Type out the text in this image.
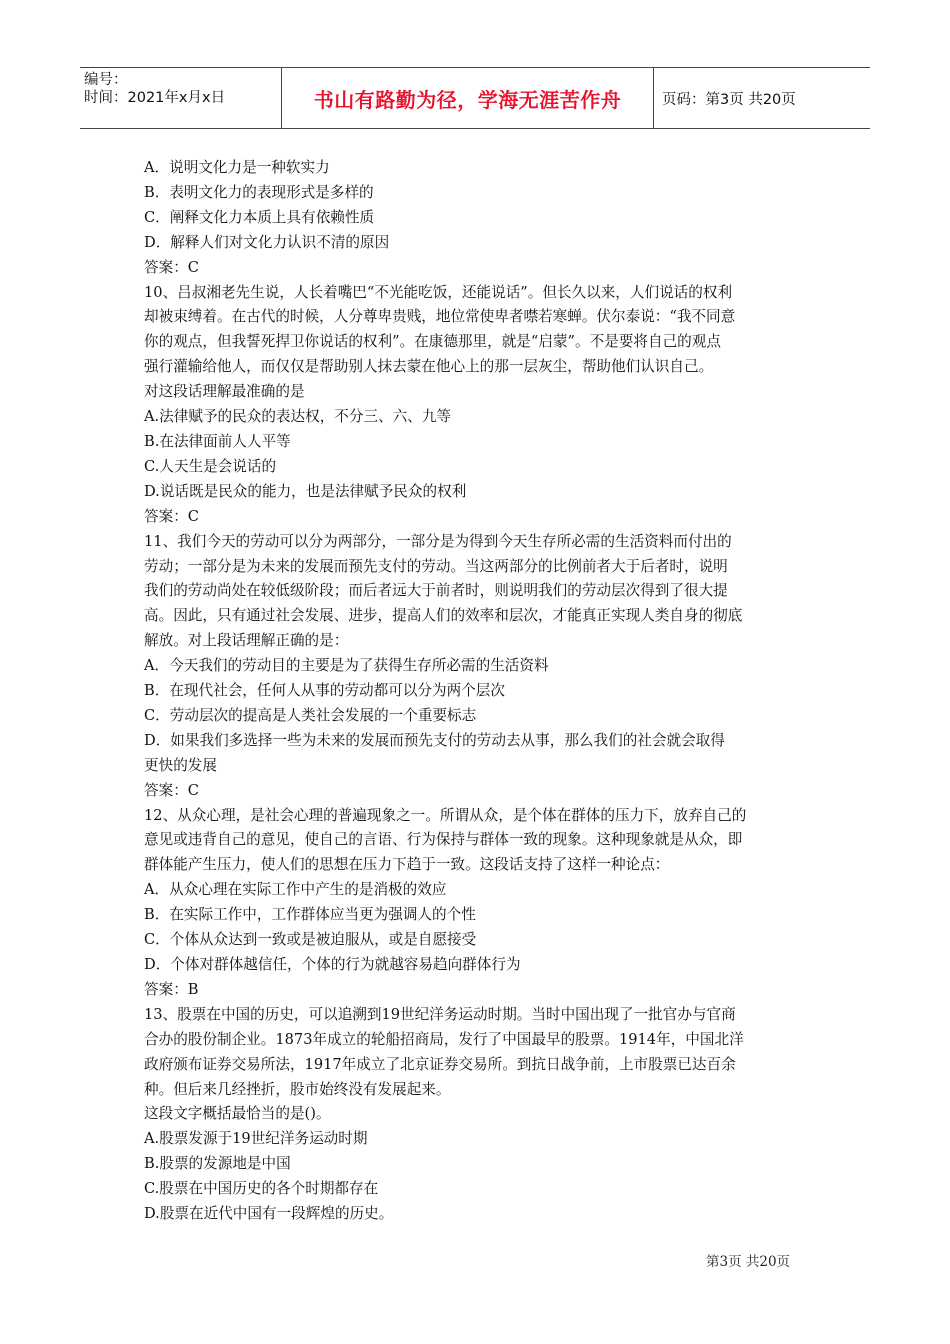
编号：
时间：2021年x月x日	书山有路勤为径，学海无涯苦作舟	页码：第3页 共20页

A．说明文化力是一种软实力

B．表明文化力的表现形式是多样的

C．阐释文化力本质上具有依赖性质

D．解释人们对文化力认识不清的原因

答案：C

10、吕叔湘老先生说，人长着嘴巴“不光能吃饭，还能说话”。但长久以来，人们说话的权利

却被束缚着。在古代的时候，人分尊卑贵贱，地位常使卑者噤若寒蝉。伏尔泰说：“我不同意

你的观点，但我誓死捍卫你说话的权利”。在康德那里，就是“启蒙”。不是要将自己的观点

强行灌输给他人，而仅仅是帮助别人抹去蒙在他心上的那一层灰尘，帮助他们认识自己。

对这段话理解最准确的是

A.法律赋予的民众的表达权，不分三、六、九等

B.在法律面前人人平等

C.人天生是会说话的

D.说话既是民众的能力，也是法律赋予民众的权利

答案：C

11、我们今天的劳动可以分为两部分，一部分是为得到今天生存所必需的生活资料而付出的

劳动；一部分是为未来的发展而预先支付的劳动。当这两部分的比例前者大于后者时，说明

我们的劳动尚处在较低级阶段；而后者远大于前者时，则说明我们的劳动层次得到了很大提

高。因此，只有通过社会发展、进步，提高人们的效率和层次，才能真正实现人类自身的彻底

解放。对上段话理解正确的是：

A．今天我们的劳动目的主要是为了获得生存所必需的生活资料

B．在现代社会，任何人从事的劳动都可以分为两个层次

C．劳动层次的提高是人类社会发展的一个重要标志

D．如果我们多选择一些为未来的发展而预先支付的劳动去从事，那么我们的社会就会取得

更快的发展

答案：C

12、从众心理，是社会心理的普遍现象之一。所谓从众，是个体在群体的压力下，放弃自己的

意见或违背自己的意见，使自己的言语、行为保持与群体一致的现象。这种现象就是从众，即

群体能产生压力，使人们的思想在压力下趋于一致。这段话支持了这样一种论点：

A．从众心理在实际工作中产生的是消极的效应

B．在实际工作中，工作群体应当更为强调人的个性

C．个体从众达到一致或是被迫服从，或是自愿接受

D．个体对群体越信任，个体的行为就越容易趋向群体行为

答案：B

13、股票在中国的历史，可以追溯到19世纪洋务运动时期。当时中国出现了一批官办与官商

合办的股份制企业。1873年成立的轮船招商局，发行了中国最早的股票。1914年，中国北洋

政府颁布证券交易所法，1917年成立了北京证券交易所。到抗日战争前，上市股票已达百余

种。但后来几经挫折，股市始终没有发展起来。

这段文字概括最恰当的是()。

A.股票发源于19世纪洋务运动时期

B.股票的发源地是中国

C.股票在中国历史的各个时期都存在

D.股票在近代中国有一段辉煌的历史。

第3页 共20页
